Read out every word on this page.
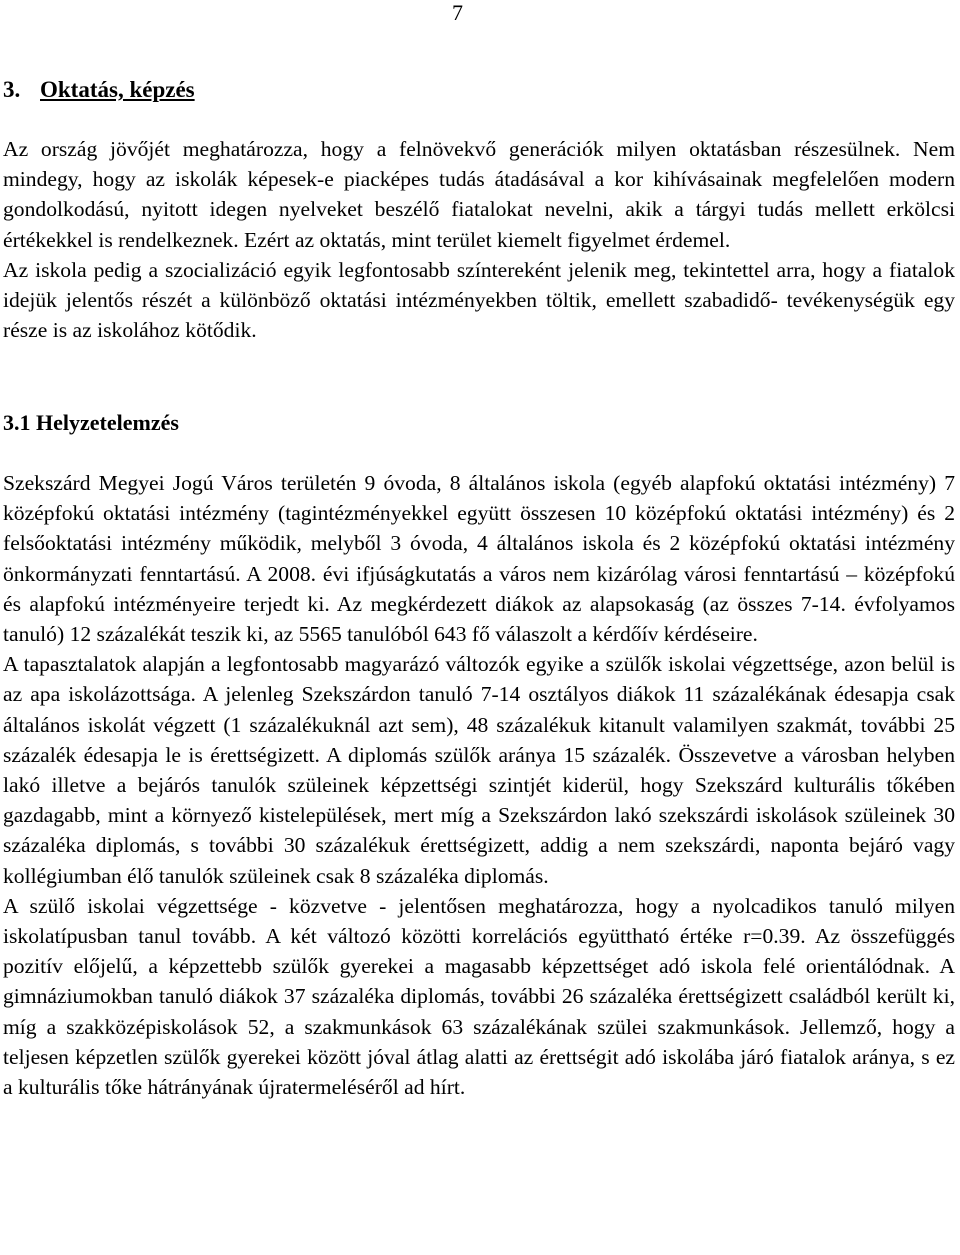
7
3. Oktatás, képzés

Az ország jövőjét meghatározza, hogy a felnövekvő generációk milyen oktatásban részesülnek. Nem mindegy, hogy az iskolák képesek-e piacképes tudás átadásával a kor kihívásainak megfelelően modern gondolkodású, nyitott idegen nyelveket beszélő fiatalokat nevelni, akik a tárgyi tudás mellett erkölcsi értékekkel is rendelkeznek. Ezért az oktatás, mint terület kiemelt figyelmet érdemel.

Az iskola pedig a szocializáció egyik legfontosabb színtereként jelenik meg, tekintettel arra, hogy a fiatalok idejük jelentős részét a különböző oktatási intézményekben töltik, emellett szabadidő- tevékenységük egy része is az iskolához kötődik.

3.1 Helyzetelemzés

Szekszárd Megyei Jogú Város területén 9 óvoda, 8 általános iskola (egyéb alapfokú oktatási intézmény) 7 középfokú oktatási intézmény (tagintézményekkel együtt összesen 10 középfokú oktatási intézmény) és 2 felsőoktatási intézmény működik, melyből 3 óvoda, 4 általános iskola és 2 középfokú oktatási intézmény önkormányzati fenntartású. A 2008. évi ifjúságkutatás a város nem kizárólag városi fenntartású – középfokú és alapfokú intézményeire terjedt ki. Az megkérdezett diákok az alapsokaság (az összes 7-14. évfolyamos tanuló) 12 százalékát teszik ki, az 5565 tanulóból 643 fő válaszolt a kérdőív kérdéseire.

A tapasztalatok alapján a legfontosabb magyarázó változók egyike a szülők iskolai végzettsége, azon belül is az apa iskolázottsága. A jelenleg Szekszárdon tanuló 7-14 osztályos diákok 11 százalékának édesapja csak általános iskolát végzett (1 százalékuknál azt sem), 48 százalékuk kitanult valamilyen szakmát, további 25 százalék édesapja le is érettségizett. A diplomás szülők aránya 15 százalék. Összevetve a városban helyben lakó illetve a bejárós tanulók szüleinek képzettségi szintjét kiderül, hogy Szekszárd kulturális tőkében gazdagabb, mint a környező kistelepülések, mert míg a Szekszárdon lakó szekszárdi iskolások szüleinek 30 százaléka diplomás, s további 30 százalékuk érettségizett, addig a nem szekszárdi, naponta bejáró vagy kollégiumban élő tanulók szüleinek csak 8 százaléka diplomás.

A szülő iskolai végzettsége - közvetve - jelentősen meghatározza, hogy a nyolcadikos tanuló milyen iskolatípusban tanul tovább. A két változó közötti korrelációs együttható értéke r=0.39. Az összefüggés pozitív előjelű, a képzettebb szülők gyerekei a magasabb képzettséget adó iskola felé orientálódnak. A gimnáziumokban tanuló diákok 37 százaléka diplomás, további 26 százaléka érettségizett családból került ki, míg a szakközépiskolások 52, a szakmunkások 63 százalékának szülei szakmunkások. Jellemző, hogy a teljesen képzetlen szülők gyerekei között jóval átlag alatti az érettségit adó iskolába járó fiatalok aránya, s ez a kulturális tőke hátrányának újratermeléséről ad hírt.
